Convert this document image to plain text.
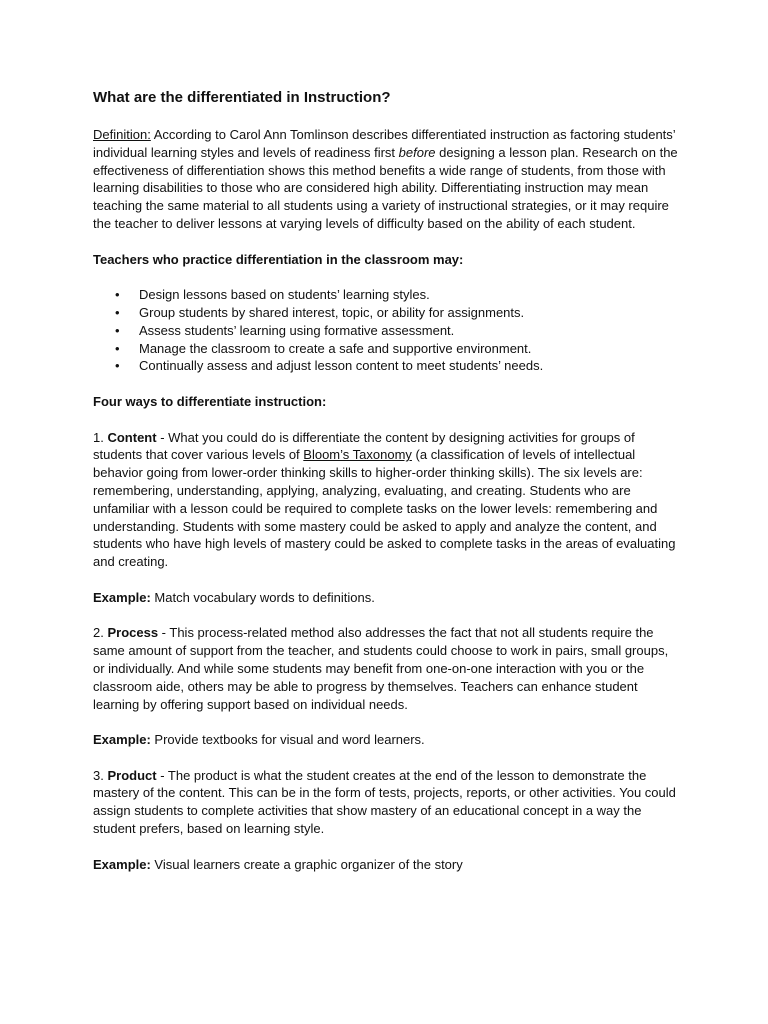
What are the differentiated in Instruction?

Definition: According to Carol Ann Tomlinson describes differentiated instruction as factoring students’ individual learning styles and levels of readiness first before designing a lesson plan. Research on the effectiveness of differentiation shows this method benefits a wide range of students, from those with learning disabilities to those who are considered high ability. Differentiating instruction may mean teaching the same material to all students using a variety of instructional strategies, or it may require the teacher to deliver lessons at varying levels of difficulty based on the ability of each student.

Teachers who practice differentiation in the classroom may:
• Design lessons based on students’ learning styles.
• Group students by shared interest, topic, or ability for assignments.
• Assess students’ learning using formative assessment.
• Manage the classroom to create a safe and supportive environment.
• Continually assess and adjust lesson content to meet students’ needs.
Four ways to differentiate instruction:

1. Content - What you could do is differentiate the content by designing activities for groups of students that cover various levels of Bloom’s Taxonomy (a classification of levels of intellectual behavior going from lower-order thinking skills to higher-order thinking skills). The six levels are: remembering, understanding, applying, analyzing, evaluating, and creating. Students who are unfamiliar with a lesson could be required to complete tasks on the lower levels: remembering and understanding. Students with some mastery could be asked to apply and analyze the content, and students who have high levels of mastery could be asked to complete tasks in the areas of evaluating and creating.

Example: Match vocabulary words to definitions.

2. Process - This process-related method also addresses the fact that not all students require the same amount of support from the teacher, and students could choose to work in pairs, small groups, or individually. And while some students may benefit from one-on-one interaction with you or the classroom aide, others may be able to progress by themselves. Teachers can enhance student learning by offering support based on individual needs.

Example: Provide textbooks for visual and word learners.

3. Product - The product is what the student creates at the end of the lesson to demonstrate the mastery of the content. This can be in the form of tests, projects, reports, or other activities. You could assign students to complete activities that show mastery of an educational concept in a way the student prefers, based on learning style.

Example: Visual learners create a graphic organizer of the story
